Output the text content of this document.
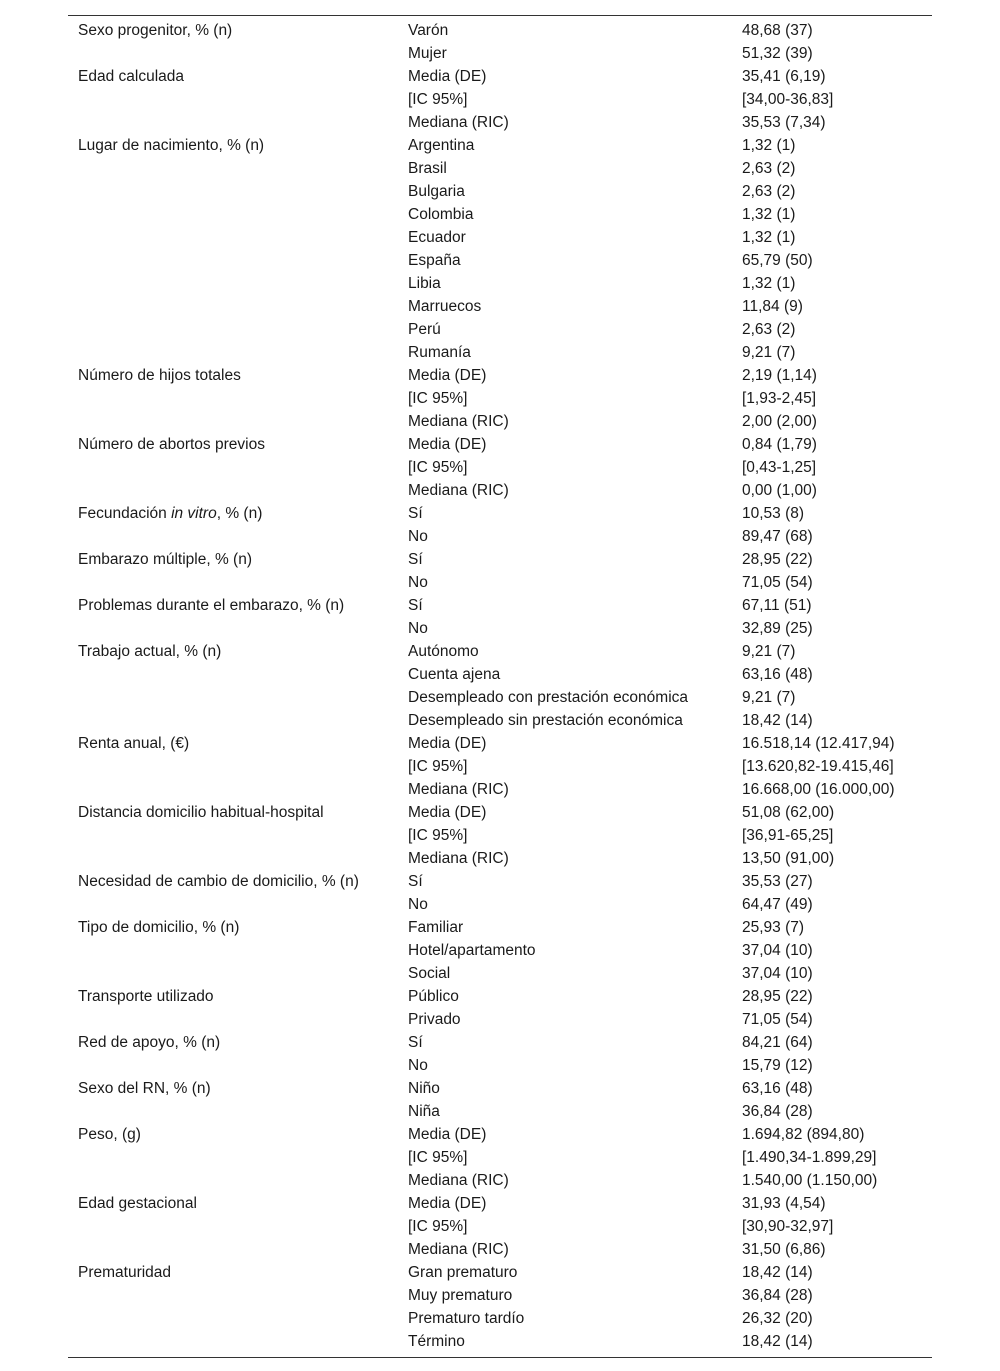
Sexo progenitor, % (n)	Varón	48,68 (37)
	Mujer	51,32 (39)
Edad calculada	Media (DE)	35,41 (6,19)
	[IC 95%]	[34,00-36,83]
	Mediana (RIC)	35,53 (7,34)
Lugar de nacimiento, % (n)	Argentina	1,32 (1)
	Brasil	2,63 (2)
	Bulgaria	2,63 (2)
	Colombia	1,32 (1)
	Ecuador	1,32 (1)
	España	65,79 (50)
	Libia	1,32 (1)
	Marruecos	11,84 (9)
	Perú	2,63 (2)
	Rumanía	9,21 (7)
Número de hijos totales	Media (DE)	2,19 (1,14)
	[IC 95%]	[1,93-2,45]
	Mediana (RIC)	2,00 (2,00)
Número de abortos previos	Media (DE)	0,84 (1,79)
	[IC 95%]	[0,43-1,25]
	Mediana (RIC)	0,00 (1,00)
Fecundación in vitro, % (n)	Sí	10,53 (8)
	No	89,47 (68)
Embarazo múltiple, % (n)	Sí	28,95 (22)
	No	71,05 (54)
Problemas durante el embarazo, % (n)	Sí	67,11 (51)
	No	32,89 (25)
Trabajo actual, % (n)	Autónomo	9,21 (7)
	Cuenta ajena	63,16 (48)
	Desempleado con prestación económica	9,21 (7)
	Desempleado sin prestación económica	18,42 (14)
Renta anual, (€)	Media (DE)	16.518,14 (12.417,94)
	[IC 95%]	[13.620,82-19.415,46]
	Mediana (RIC)	16.668,00 (16.000,00)
Distancia domicilio habitual-hospital	Media (DE)	51,08 (62,00)
	[IC 95%]	[36,91-65,25]
	Mediana (RIC)	13,50 (91,00)
Necesidad de cambio de domicilio, % (n)	Sí	35,53 (27)
	No	64,47 (49)
Tipo de domicilio, % (n)	Familiar	25,93 (7)
	Hotel/apartamento	37,04 (10)
	Social	37,04 (10)
Transporte utilizado	Público	28,95 (22)
	Privado	71,05 (54)
Red de apoyo, % (n)	Sí	84,21 (64)
	No	15,79 (12)
Sexo del RN, % (n)	Niño	63,16 (48)
	Niña	36,84 (28)
Peso, (g)	Media (DE)	1.694,82 (894,80)
	[IC 95%]	[1.490,34-1.899,29]
	Mediana (RIC)	1.540,00 (1.150,00)
Edad gestacional	Media (DE)	31,93 (4,54)
	[IC 95%]	[30,90-32,97]
	Mediana (RIC)	31,50 (6,86)
Prematuridad	Gran prematuro	18,42 (14)
	Muy prematuro	36,84 (28)
	Prematuro tardío	26,32 (20)
	Término	18,42 (14)
